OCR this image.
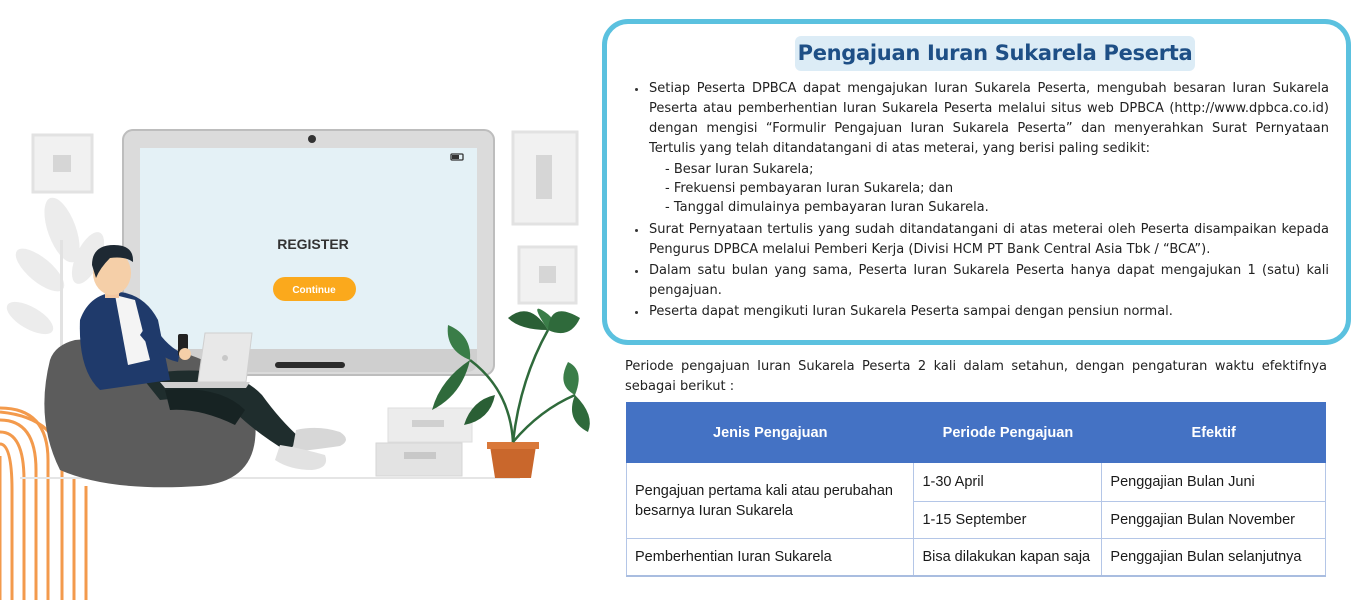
REGISTER
Continue
Pengajuan Iuran Sukarela Peserta
Setiap Peserta DPBCA dapat mengajukan Iuran Sukarela Peserta, mengubah besaran Iuran Sukarela Peserta atau pemberhentian Iuran Sukarela Peserta melalui situs web DPBCA (http://www.dpbca.co.id) dengan mengisi “Formulir Pengajuan Iuran Sukarela Peserta” dan menyerahkan Surat Pernyataan Tertulis yang telah ditandatangani di atas meterai, yang berisi paling sedikit:
- Besar Iuran Sukarela;
- Frekuensi pembayaran Iuran Sukarela; dan
- Tanggal dimulainya pembayaran Iuran Sukarela.
Surat Pernyataan tertulis yang sudah ditandatangani di atas meterai oleh Peserta disampaikan kepada Pengurus DPBCA melalui Pemberi Kerja (Divisi HCM PT Bank Central Asia Tbk / “BCA”).
Dalam satu bulan yang sama, Peserta Iuran Sukarela Peserta hanya dapat mengajukan 1 (satu) kali pengajuan.
Peserta dapat mengikuti Iuran Sukarela Peserta sampai dengan pensiun normal.

Periode pengajuan Iuran Sukarela Peserta 2 kali dalam setahun, dengan pengaturan waktu efektifnya sebagai berikut :

Jenis Pengajuan	Periode Pengajuan	Efektif
Pengajuan pertama kali atau perubahan besarnya Iuran Sukarela	1-30 April	Penggajian Bulan Juni
	1-15 September	Penggajian Bulan November
Pemberhentian Iuran Sukarela	Bisa dilakukan kapan saja	Penggajian Bulan selanjutnya
